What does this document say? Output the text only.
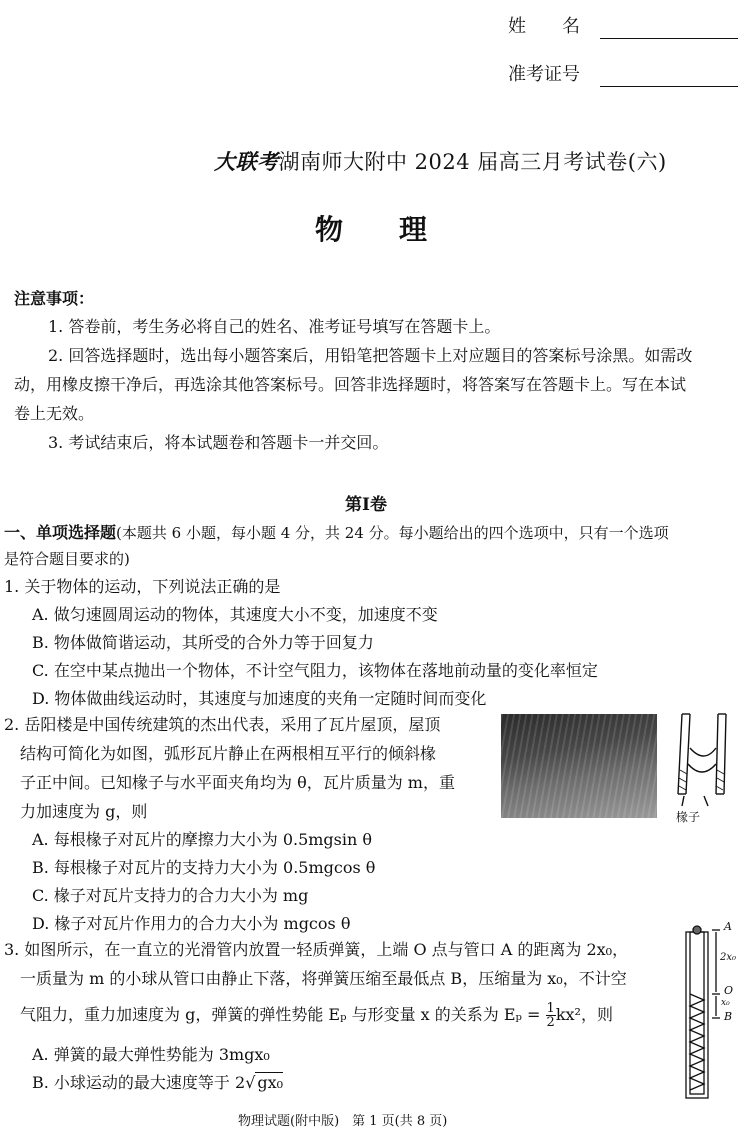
姓　　名
准考证号
大联考湖南师大附中 2024 届高三月考试卷(六)
物　　理
注意事项：
1. 答卷前，考生务必将自己的姓名、准考证号填写在答题卡上。
2. 回答选择题时，选出每小题答案后，用铅笔把答题卡上对应题目的答案标号涂黑。如需改
动，用橡皮擦干净后，再选涂其他答案标号。回答非选择题时，将答案写在答题卡上。写在本试
卷上无效。
3. 考试结束后，将本试题卷和答题卡一并交回。
第Ⅰ卷
一、单项选择题(本题共 6 小题，每小题 4 分，共 24 分。每小题给出的四个选项中，只有一个选项
是符合题目要求的)
1. 关于物体的运动，下列说法正确的是
A. 做匀速圆周运动的物体，其速度大小不变，加速度不变
B. 物体做简谐运动，其所受的合外力等于回复力
C. 在空中某点抛出一个物体，不计空气阻力，该物体在落地前动量的变化率恒定
D. 物体做曲线运动时，其速度与加速度的夹角一定随时间而变化
2. 岳阳楼是中国传统建筑的杰出代表，采用了瓦片屋顶，屋顶
结构可简化为如图，弧形瓦片静止在两根相互平行的倾斜椽
子正中间。已知椽子与水平面夹角均为 θ，瓦片质量为 m，重
力加速度为 g，则
A. 每根椽子对瓦片的摩擦力大小为 0.5mgsin θ
B. 每根椽子对瓦片的支持力大小为 0.5mgcos θ
C. 椽子对瓦片支持力的合力大小为 mg
D. 椽子对瓦片作用力的合力大小为 mgcos θ
椽子
3. 如图所示，在一直立的光滑管内放置一轻质弹簧，上端 O 点与管口 A 的距离为 2x₀，
一质量为 m 的小球从管口由静止下落，将弹簧压缩至最低点 B，压缩量为 x₀，不计空
气阻力，重力加速度为 g，弹簧的弹性势能 Eₚ 与形变量 x 的关系为 $E_p = \frac{1}{2} kx^2$，则
A. 弹簧的最大弹性势能为 3mgx₀
B. 小球运动的最大速度等于 2√ gx₀
A
2x₀
O
x₀
B
物理试题(附中版)　第 1 页(共 8 页)
